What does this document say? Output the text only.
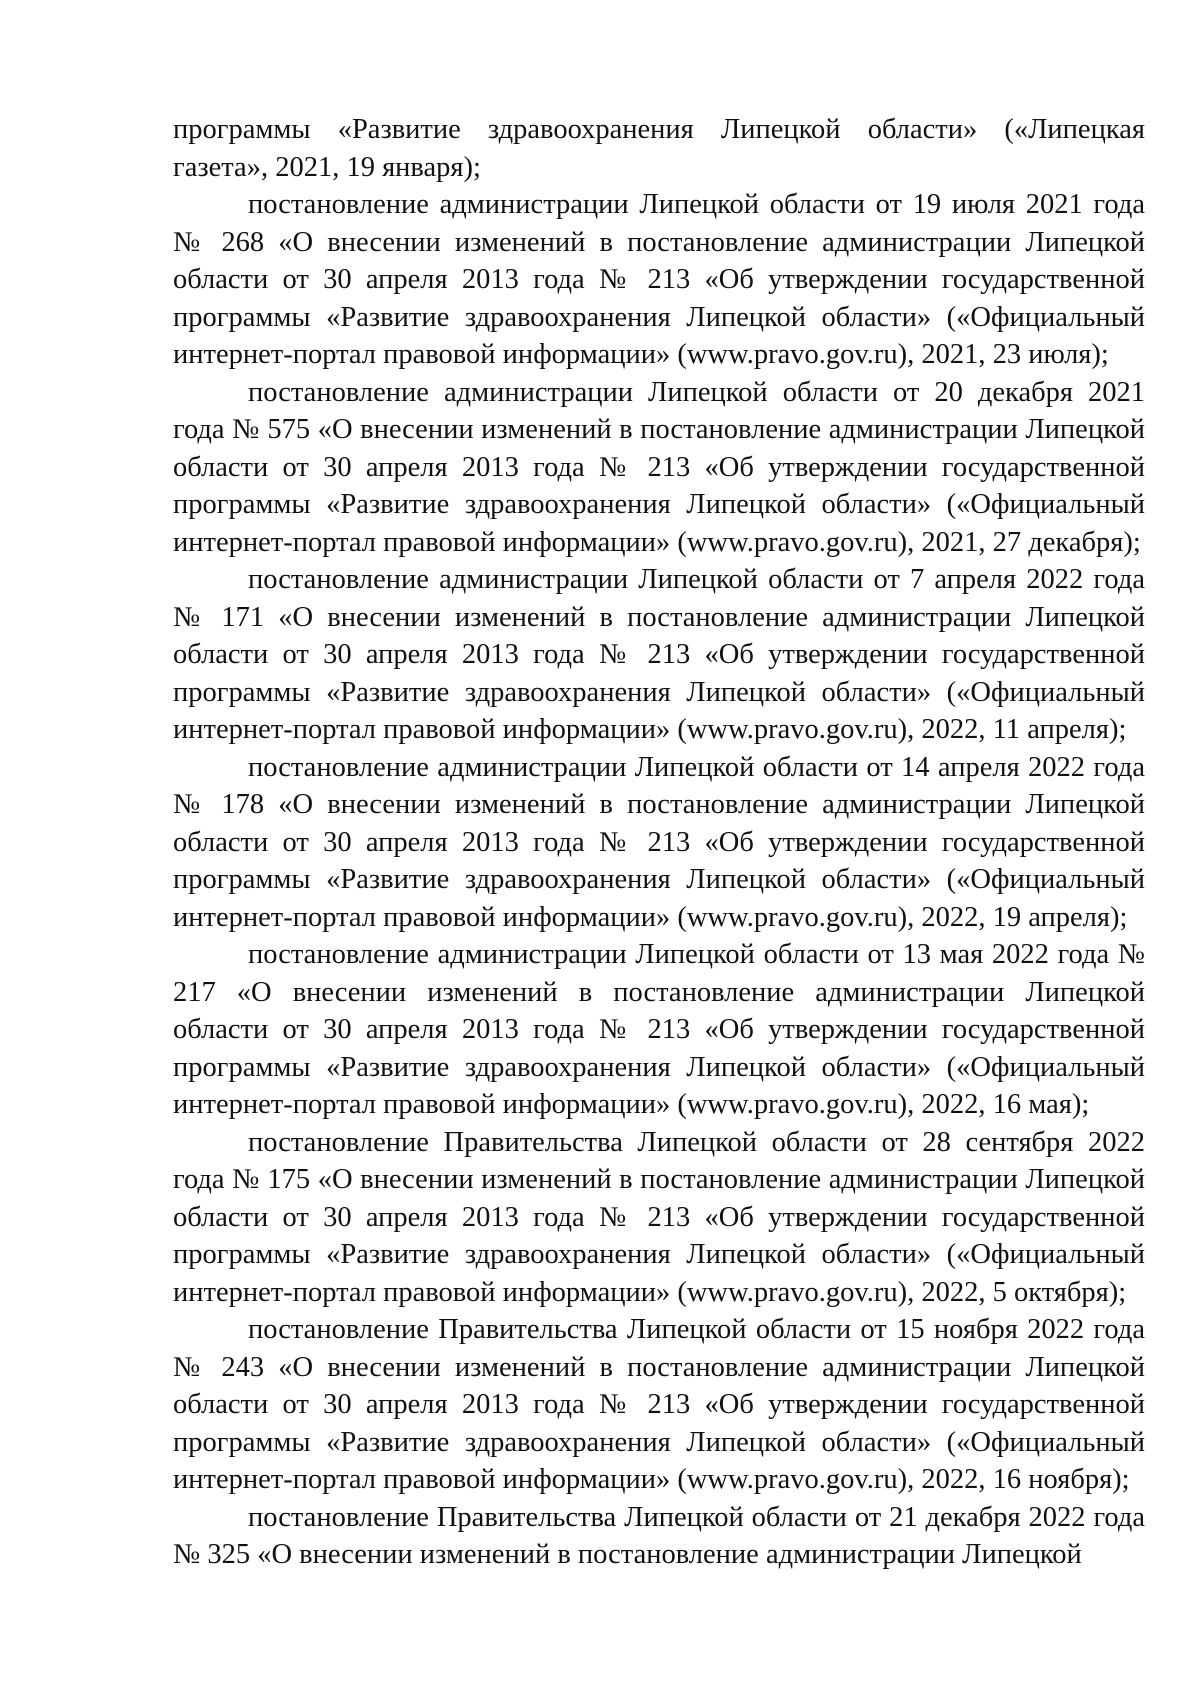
программы «Развитие здравоохранения Липецкой области» («Липецкая газета», 2021, 19 января);

постановление администрации Липецкой области от 19 июля 2021 года № 268 «О внесении изменений в постановление администрации Липецкой области от 30 апреля 2013 года № 213 «Об утверждении государственной программы «Развитие здравоохранения Липецкой области» («Официальный интернет-портал правовой информации» (www.pravo.gov.ru), 2021, 23 июля);

постановление администрации Липецкой области от 20 декабря 2021 года № 575 «О внесении изменений в постановление администрации Липецкой области от 30 апреля 2013 года № 213 «Об утверждении государственной программы «Развитие здравоохранения Липецкой области» («Официальный интернет-портал правовой информации» (www.pravo.gov.ru), 2021, 27 декабря);

постановление администрации Липецкой области от 7 апреля 2022 года № 171 «О внесении изменений в постановление администрации Липецкой области от 30 апреля 2013 года № 213 «Об утверждении государственной программы «Развитие здравоохранения Липецкой области» («Официальный интернет-портал правовой информации» (www.pravo.gov.ru), 2022, 11 апреля);

постановление администрации Липецкой области от 14 апреля 2022 года № 178 «О внесении изменений в постановление администрации Липецкой области от 30 апреля 2013 года № 213 «Об утверждении государственной программы «Развитие здравоохранения Липецкой области» («Официальный интернет-портал правовой информации» (www.pravo.gov.ru), 2022, 19 апреля);

постановление администрации Липецкой области от 13 мая 2022 года № 217 «О внесении изменений в постановление администрации Липецкой области от 30 апреля 2013 года № 213 «Об утверждении государственной программы «Развитие здравоохранения Липецкой области» («Официальный интернет-портал правовой информации» (www.pravo.gov.ru), 2022, 16 мая);

постановление Правительства Липецкой области от 28 сентября 2022 года № 175 «О внесении изменений в постановление администрации Липецкой области от 30 апреля 2013 года № 213 «Об утверждении государственной программы «Развитие здравоохранения Липецкой области» («Официальный интернет-портал правовой информации» (www.pravo.gov.ru), 2022, 5 октября);

постановление Правительства Липецкой области от 15 ноября 2022 года № 243 «О внесении изменений в постановление администрации Липецкой области от 30 апреля 2013 года № 213 «Об утверждении государственной программы «Развитие здравоохранения Липецкой области» («Официальный интернет-портал правовой информации» (www.pravo.gov.ru), 2022, 16 ноября);

постановление Правительства Липецкой области от 21 декабря 2022 года № 325 «О внесении изменений в постановление администрации Липецкой
